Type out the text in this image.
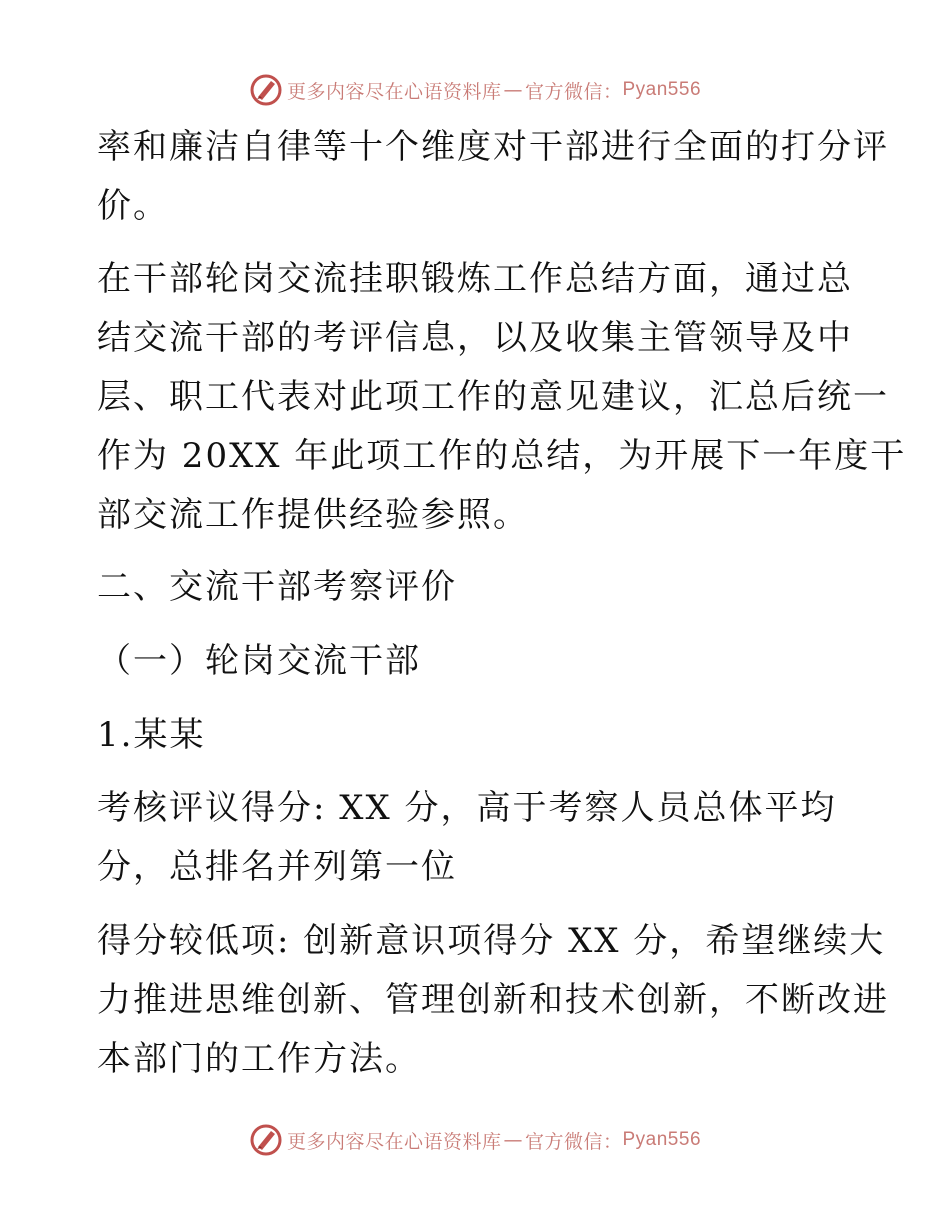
更多内容尽在心语资料库 — 官方微信： Pyan556
率和廉洁自律等十个维度对干部进行全面的打分评
价。
在干部轮岗交流挂职锻炼工作总结方面，通过总
结交流干部的考评信息，以及收集主管领导及中
层、职工代表对此项工作的意见建议，汇总后统一
作为 20XX 年此项工作的总结，为开展下一年度干
部交流工作提供经验参照。
二、交流干部考察评价
（一）轮岗交流干部
1.某某
考核评议得分: XX 分，高于考察人员总体平均
分，总排名并列第一位
得分较低项: 创新意识项得分 XX 分，希望继续大
力推进思维创新、管理创新和技术创新，不断改进
本部门的工作方法。
更多内容尽在心语资料库 — 官方微信： Pyan556
